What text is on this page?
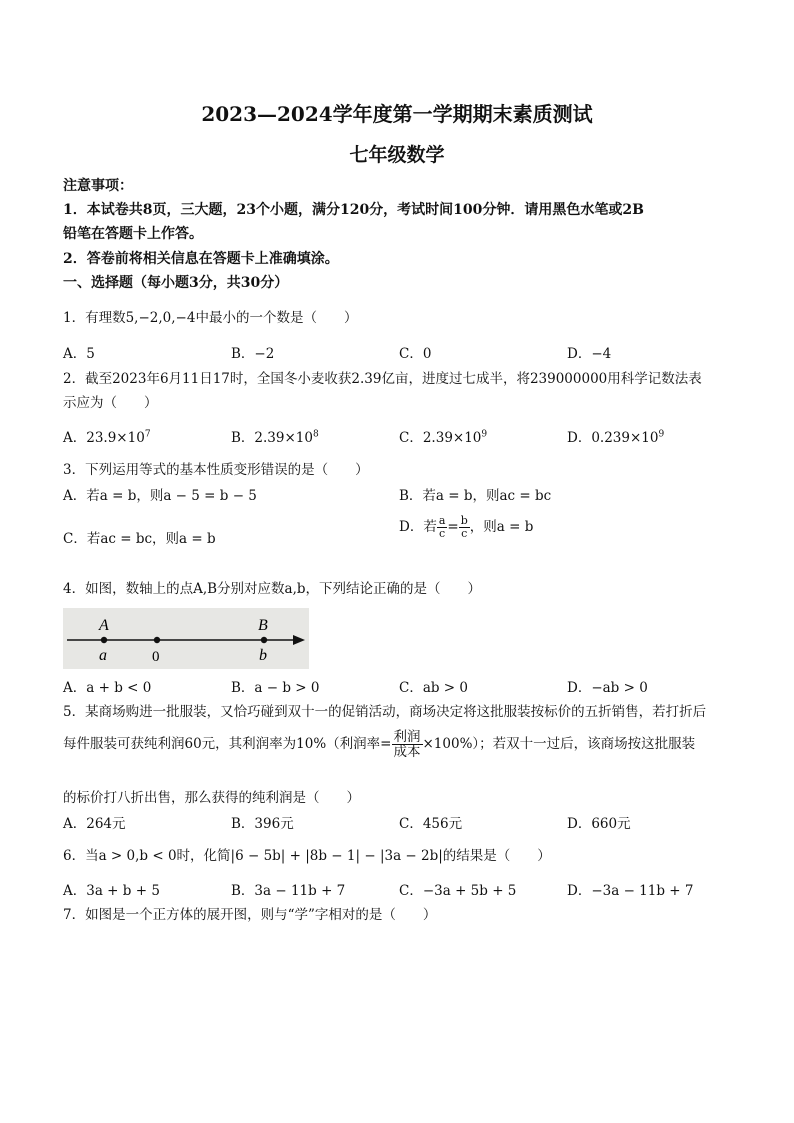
2023—2024学年度第一学期期末素质测试
七年级数学
注意事项：
1．本试卷共8页，三大题，23个小题，满分120分，考试时间100分钟．请用黑色水笔或2B
铅笔在答题卡上作答。
2．答卷前将相关信息在答题卡上准确填涂。
一、选择题（每小题3分，共30分）
1．有理数5,−2,0,−4中最小的一个数是（　　）
A．5	B．−2	C．0	D．−4
2．截至2023年6月11日17时，全国冬小麦收获2.39亿亩，进度过七成半，将239000000用科学记数法表
示应为（　　）
A．$23.9\times 10^7$	B．$2.39\times 10^8$	C．$2.39\times 10^9$	D．$0.239\times 10^9$
3．下列运用等式的基本性质变形错误的是（　　）
A．若a = b，则a − 5 = b − 5	B．若a = b，则ac = bc
C．若ac = bc，则a = b
D．若 $\frac{a}{c} = \frac{b}{c}$ ，则a = b
4．如图，数轴上的点A,B分别对应数a,b，下列结论正确的是（　　）
A
a	0
B
b
A．a + b < 0	B．a − b > 0	C．ab > 0	D．−ab > 0
5．某商场购进一批服装，又恰巧碰到双十一的促销活动，商场决定将这批服装按标价的五折销售，若打折后
每件服装可获纯利润60元，其利润率为10%（利润率= $\frac{\text{利润}}{\text{成本}} \times 100\%$）；若双十一过后，该商场按这批服装
的标价打八折出售，那么获得的纯利润是（　　）
A．264元	B．396元	C．456元	D．660元
6．当a > 0,b < 0时，化简|6 − 5b| + |8b − 1| − |3a − 2b|的结果是（　　）
A．3a + b + 5	B．3a − 11b + 7	C．−3a + 5b + 5	D．−3a − 11b + 7
7．如图是一个正方体的展开图，则与“学”字相对的是（　　）
